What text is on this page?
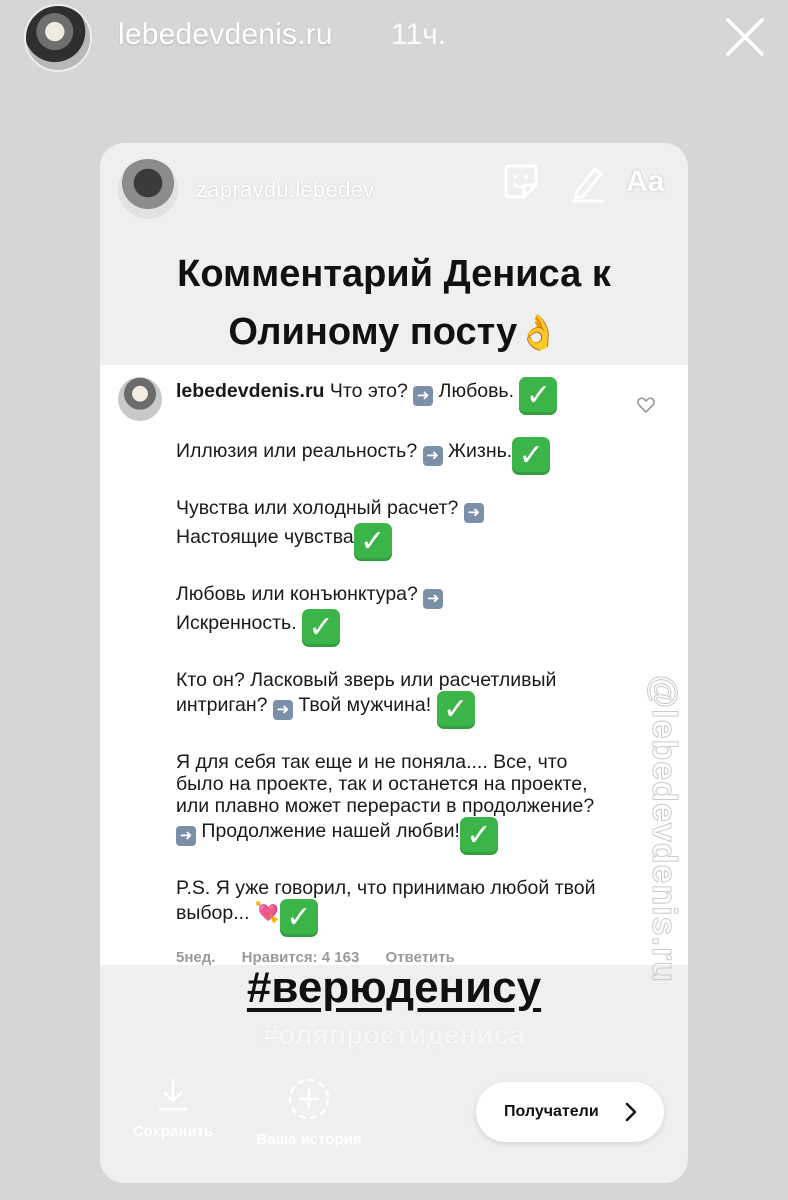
lebedevdenis.ru 11ч.
zapravdu.lebedev	Aa
Комментарий Дениса к
Олиному посту👌

lebedevdenis.ru Что это? ➜ Любовь. ✓

Иллюзия или реальность? ➜ Жизнь. ✓

Чувства или холодный расчет? ➜
Настоящие чувства ✓

Любовь или конъюнктура? ➜
Искренность. ✓

Кто он? Ласковый зверь или расчетливый интриган? ➜ Твой мужчина! ✓

Я для себя так еще и не поняла.... Все, что было на проекте, так и останется на проекте, или плавно может перерасти в продолжение? ➜ Продолжение нашей любви! ✓

P.S. Я уже говорил, что принимаю любой твой выбор... 💘 ✓

5нед. Нравится: 4 163 Ответить	@lebedevdenis.ru
#верюденису
#оляпростидениса
Сохранить	Ваша история
Получатели
